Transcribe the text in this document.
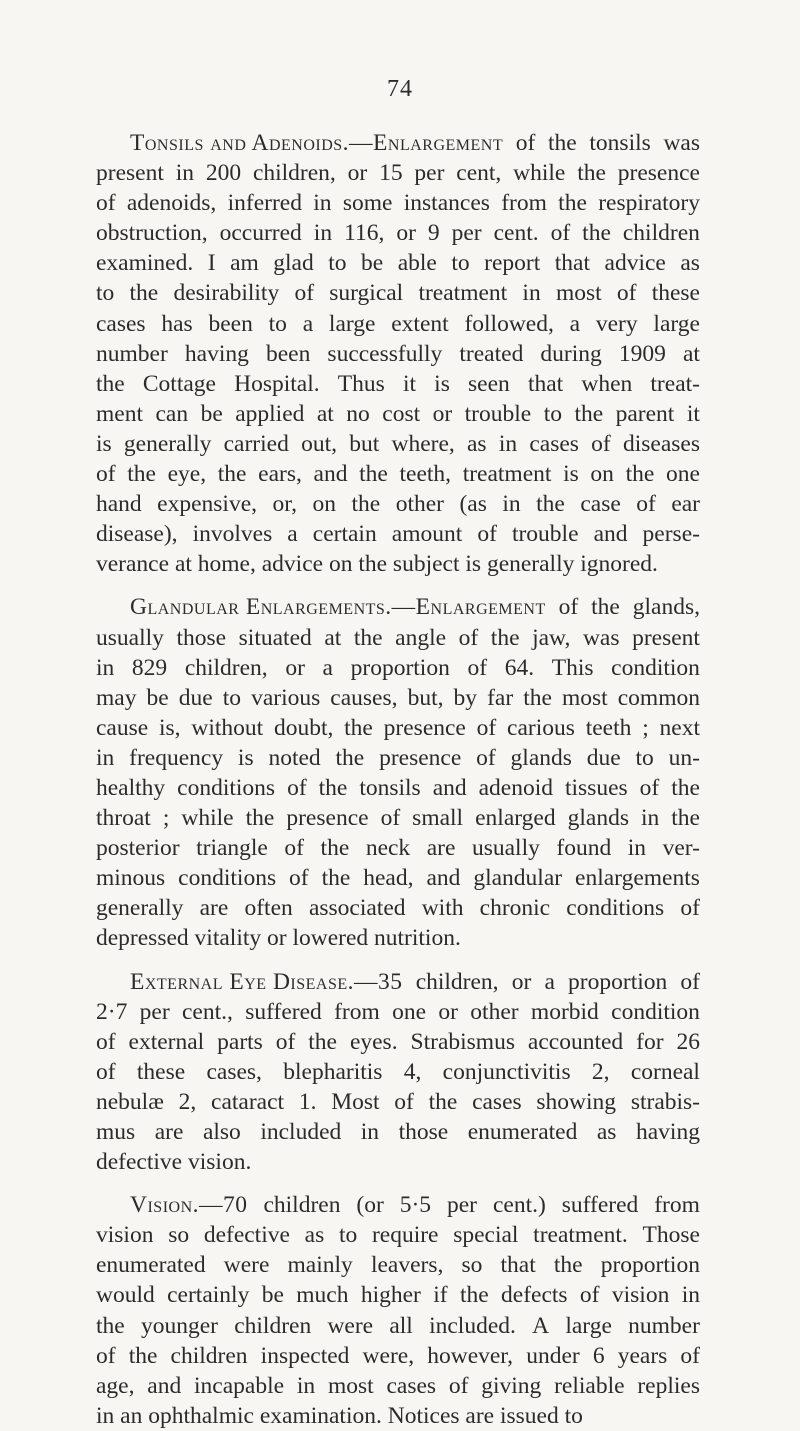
74
Tonsils and Adenoids.—Enlargement of the tonsils was
present in 200 children, or 15 per cent, while the presence
of adenoids, inferred in some instances from the respiratory
obstruction, occurred in 116, or 9 per cent. of the children
examined. I am glad to be able to report that advice as
to the desirability of surgical treatment in most of these
cases has been to a large extent followed, a very large
number having been successfully treated during 1909 at
the Cottage Hospital. Thus it is seen that when treat-
ment can be applied at no cost or trouble to the parent it
is generally carried out, but where, as in cases of diseases
of the eye, the ears, and the teeth, treatment is on the one
hand expensive, or, on the other (as in the case of ear
disease), involves a certain amount of trouble and perse-
verance at home, advice on the subject is generally ignored.
Glandular Enlargements.—Enlargement of the glands,
usually those situated at the angle of the jaw, was present
in 829 children, or a proportion of 64. This condition
may be due to various causes, but, by far the most common
cause is, without doubt, the presence of carious teeth ; next
in frequency is noted the presence of glands due to un-
healthy conditions of the tonsils and adenoid tissues of the
throat ; while the presence of small enlarged glands in the
posterior triangle of the neck are usually found in ver-
minous conditions of the head, and glandular enlargements
generally are often associated with chronic conditions of
depressed vitality or lowered nutrition.
External Eye Disease.—35 children, or a proportion of
2·7 per cent., suffered from one or other morbid condition
of external parts of the eyes. Strabismus accounted for 26
of these cases, blepharitis 4, conjunctivitis 2, corneal
nebulæ 2, cataract 1. Most of the cases showing strabis-
mus are also included in those enumerated as having
defective vision.
Vision.—70 children (or 5·5 per cent.) suffered from
vision so defective as to require special treatment. Those
enumerated were mainly leavers, so that the proportion
would certainly be much higher if the defects of vision in
the younger children were all included. A large number
of the children inspected were, however, under 6 years of
age, and incapable in most cases of giving reliable replies
in an ophthalmic examination. Notices are issued to
